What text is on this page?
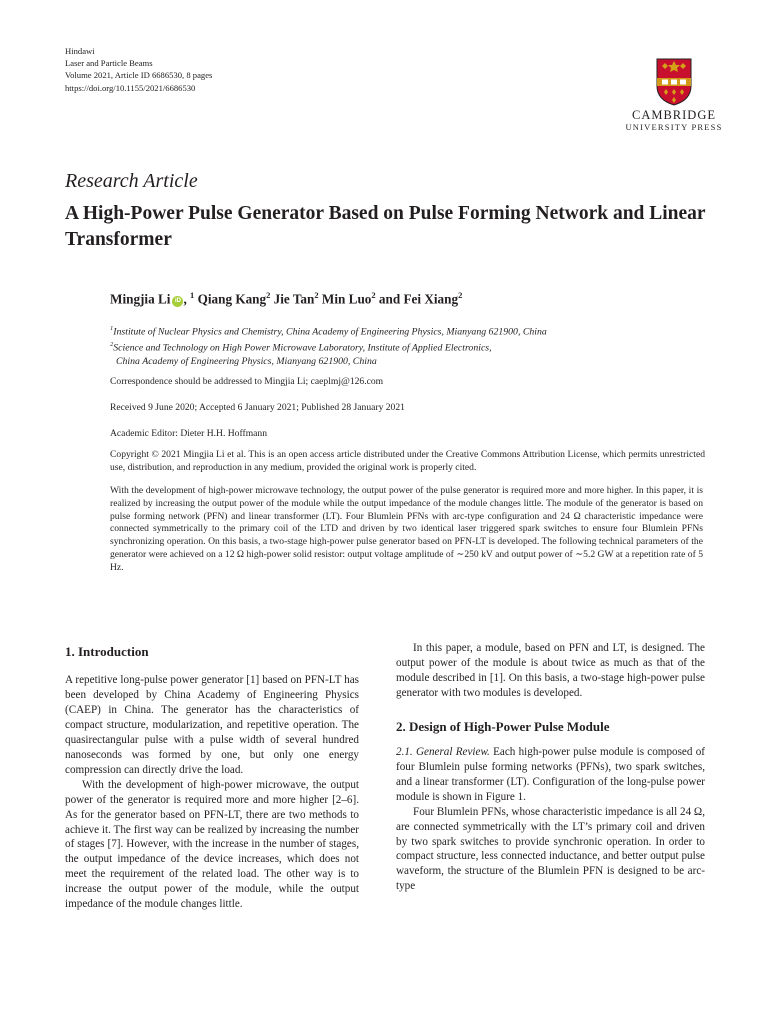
Hindawi
Laser and Particle Beams
Volume 2021, Article ID 6686530, 8 pages
https://doi.org/10.1155/2021/6686530
CAMBRIDGE
UNIVERSITY PRESS
Research Article
A High-Power Pulse Generator Based on Pulse Forming Network and Linear Transformer
Mingjia Li iD , $^1$ Qiang Kang$^2$ Jie Tan$^2$ Min Luo$^2$ and Fei Xiang$^2$
$^1$Institute of Nuclear Physics and Chemistry, China Academy of Engineering Physics, Mianyang 621900, China
$^2$Science and Technology on High Power Microwave Laboratory, Institute of Applied Electronics,
China Academy of Engineering Physics, Mianyang 621900, China
Correspondence should be addressed to Mingjia Li; caeplmj@126.com
Received 9 June 2020; Accepted 6 January 2021; Published 28 January 2021
Academic Editor: Dieter H.H. Hoffmann
Copyright © 2021 Mingjia Li et al. This is an open access article distributed under the Creative Commons Attribution License, which permits unrestricted use, distribution, and reproduction in any medium, provided the original work is properly cited.
With the development of high-power microwave technology, the output power of the pulse generator is required more and more higher. In this paper, it is realized by increasing the output power of the module while the output impedance of the module changes little. The module of the generator is based on pulse forming network (PFN) and linear transformer (LT). Four Blumlein PFNs with arc-type configuration and 24 Ω characteristic impedance were connected symmetrically to the primary coil of the LTD and driven by two identical laser triggered spark switches to ensure four Blumlein PFNs synchronizing operation. On this basis, a two-stage high-power pulse generator based on PFN-LT is developed. The following technical parameters of the generator were achieved on a 12 Ω high-power solid resistor: output voltage amplitude of ∼250 kV and output power of ∼5.2 GW at a repetition rate of 5 Hz.
1. Introduction

A repetitive long-pulse power generator [1] based on PFN-LT has been developed by China Academy of Engineering Physics (CAEP) in China. The generator has the characteristics of compact structure, modularization, and repetitive operation. The quasirectangular pulse with a pulse width of several hundred nanoseconds was formed by one, but only one energy compression can directly drive the load.

With the development of high-power microwave, the output power of the generator is required more and more higher [2–6]. As for the generator based on PFN-LT, there are two methods to achieve it. The first way can be realized by increasing the number of stages [7]. However, with the increase in the number of stages, the output impedance of the device increases, which does not meet the requirement of the related load. The other way is to increase the output power of the module, while the output impedance of the module changes little.

In this paper, a module, based on PFN and LT, is designed. The output power of the module is about twice as much as that of the module described in [1]. On this basis, a two-stage high-power pulse generator with two modules is developed.

2. Design of High-Power Pulse Module

2.1. General Review. Each high-power pulse module is composed of four Blumlein pulse forming networks (PFNs), two spark switches, and a linear transformer (LT). Configuration of the long-pulse power module is shown in Figure 1.

Four Blumlein PFNs, whose characteristic impedance is all 24 Ω, are connected symmetrically with the LT’s primary coil and driven by two spark switches to provide synchronic operation. In order to compact structure, less connected inductance, and better output pulse waveform, the structure of the Blumlein PFN is designed to be arc-type
